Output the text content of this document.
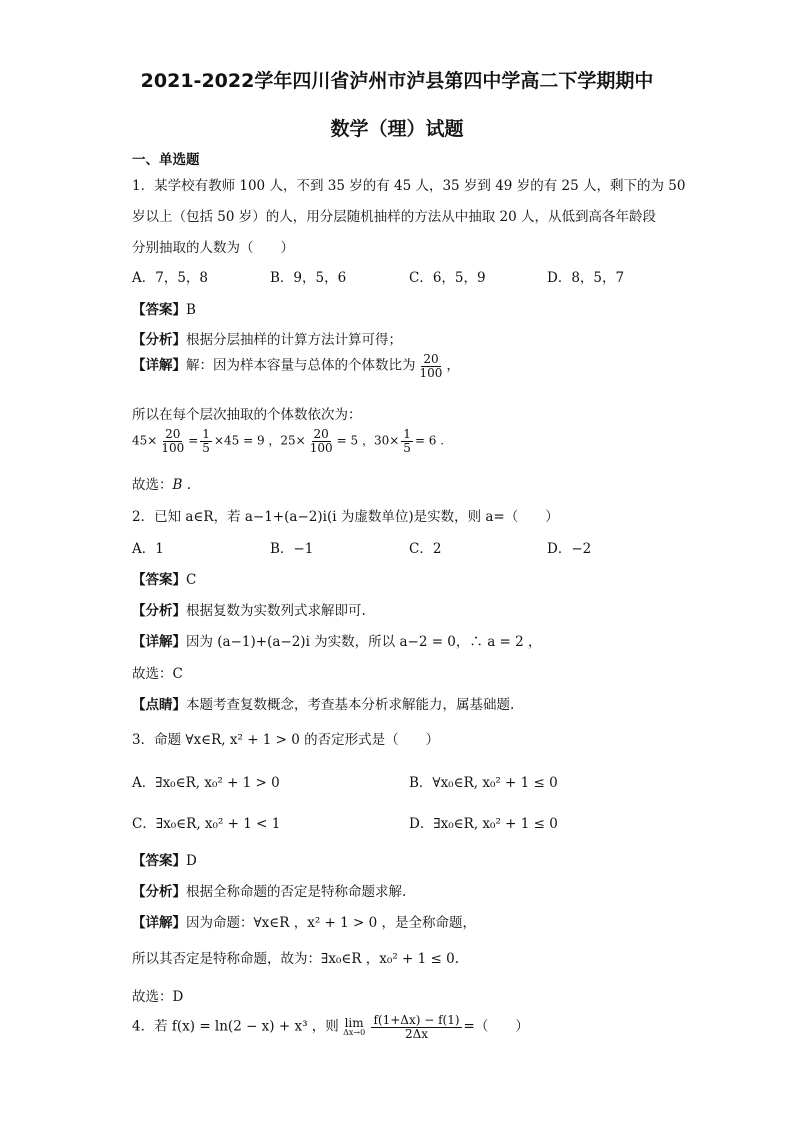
2021-2022学年四川省泸州市泸县第四中学高二下学期期中
数学（理）试题
一、单选题
1．某学校有教师 100 人，不到 35 岁的有 45 人，35 岁到 49 岁的有 25 人，剩下的为 50
岁以上（包括 50 岁）的人，用分层随机抽样的方法从中抽取 20 人，从低到高各年龄段
分别抽取的人数为（　　）
A．7，5，8	B．9，5，6	C．6，5，9	D．8，5，7
【答案】B
【分析】根据分层抽样的计算方法计算可得；
【详解】解：因为样本容量与总体的个体数比为 $\frac{20}{100}$ ，
所以在每个层次抽取的个体数依次为：
$45\times \frac{20}{100} = \frac{1}{5} \times 45 = 9$ ，$25\times \frac{20}{100} = 5$ ，$30\times \frac{1}{5} = 6$ .
故选：B .
2．已知 a∈R，若 a−1+(a−2)i(i 为虚数单位)是实数，则 a=（　　）
A．1	B．−1	C．2	D．−2
【答案】C
【分析】根据复数为实数列式求解即可.
【详解】因为 (a−1)+(a−2)i 为实数，所以 a−2 = 0，∴ a = 2 ，
故选：C
【点睛】本题考查复数概念，考查基本分析求解能力，属基础题.
3．命题 ∀x∈R, x² + 1 > 0 的否定形式是（　　）
A．∃x₀∈R, x₀² + 1 > 0	B．∀x₀∈R, x₀² + 1 ≤ 0
C．∃x₀∈R, x₀² + 1 < 1	D．∃x₀∈R, x₀² + 1 ≤ 0
【答案】D
【分析】根据全称命题的否定是特称命题求解.
【详解】因为命题：∀x∈R ，x² + 1 > 0 ，是全称命题，
所以其否定是特称命题，故为：∃x₀∈R ，x₀² + 1 ≤ 0.
故选：D
4．若 f(x) = ln(2 − x) + x³ ，则 lim
Δx→0
$\frac{f(1+\Delta x) - f(1)}{2\Delta x}$ =（　　）
